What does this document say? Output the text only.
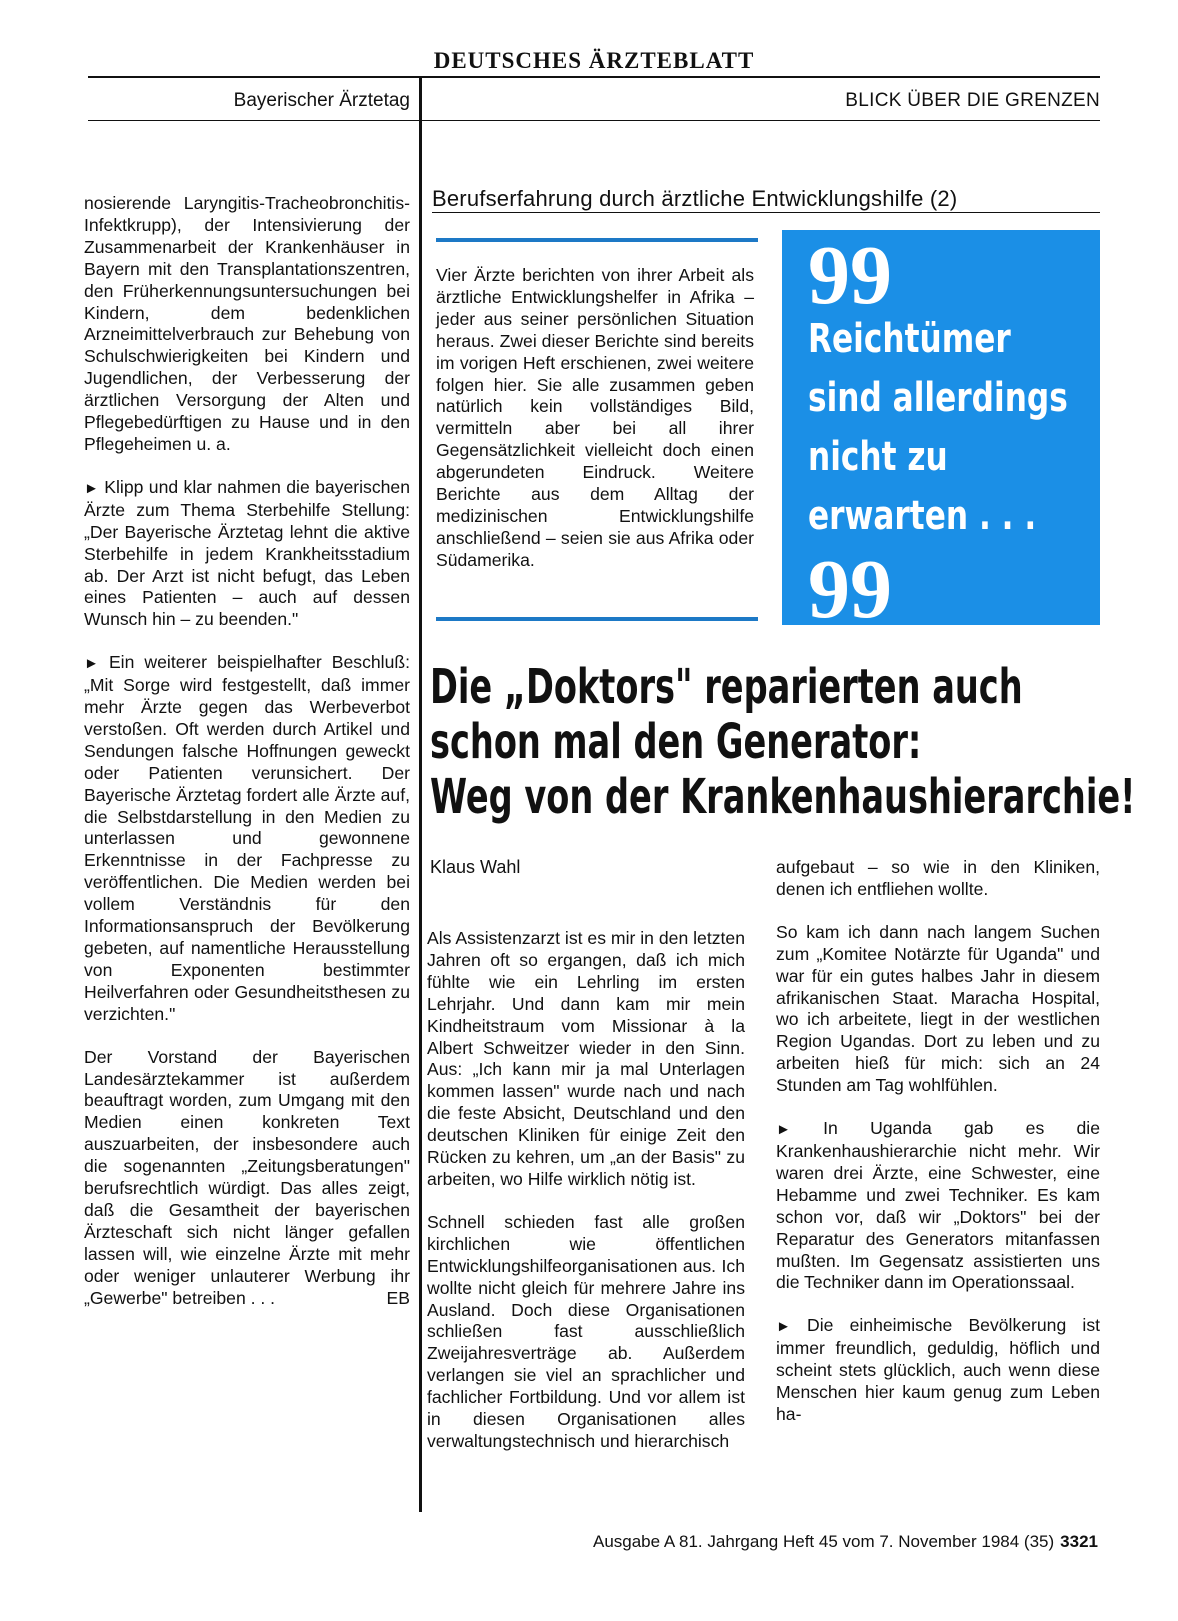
DEUTSCHES ÄRZTEBLATT
Bayerischer Ärztetag	BLICK ÜBER DIE GRENZEN

nosierende Laryngitis-Tracheobronchitis-Infektkrupp), der Intensivierung der Zusammenarbeit der Krankenhäuser in Bayern mit den Transplantationszentren, den Früherkennungsuntersuchungen bei Kindern, dem bedenklichen Arzneimittelverbrauch zur Behebung von Schulschwierigkeiten bei Kindern und Jugendlichen, der Verbesserung der ärztlichen Versorgung der Alten und Pflegebedürftigen zu Hause und in den Pflegeheimen u. a.

► Klipp und klar nahmen die bayerischen Ärzte zum Thema Sterbehilfe Stellung: „Der Bayerische Ärztetag lehnt die aktive Sterbehilfe in jedem Krankheitsstadium ab. Der Arzt ist nicht befugt, das Leben eines Patienten – auch auf dessen Wunsch hin – zu beenden."

► Ein weiterer beispielhafter Beschluß: „Mit Sorge wird festgestellt, daß immer mehr Ärzte gegen das Werbeverbot verstoßen. Oft werden durch Artikel und Sendungen falsche Hoffnungen geweckt oder Patienten verunsichert. Der Bayerische Ärztetag fordert alle Ärzte auf, die Selbstdarstellung in den Medien zu unterlassen und gewonnene Erkenntnisse in der Fachpresse zu veröffentlichen. Die Medien werden bei vollem Verständnis für den Informationsanspruch der Bevölkerung gebeten, auf namentliche Herausstellung von Exponenten bestimmter Heilverfahren oder Gesundheitsthesen zu verzichten."

Der Vorstand der Bayerischen Landesärztekammer ist außerdem beauftragt worden, zum Umgang mit den Medien einen konkreten Text auszuarbeiten, der insbesondere auch die sogenannten „Zeitungsberatungen" berufsrechtlich würdigt. Das alles zeigt, daß die Gesamtheit der bayerischen Ärzteschaft sich nicht länger gefallen lassen will, wie einzelne Ärzte mit mehr oder weniger unlauterer Werbung ihr „Gewerbe" betreiben . . .	EB

Berufserfahrung durch ärztliche Entwicklungshilfe (2)
Vier Ärzte berichten von ihrer Arbeit als ärztliche Entwicklungshelfer in Afrika – jeder aus seiner persönlichen Situation heraus. Zwei dieser Berichte sind bereits im vorigen Heft erschienen, zwei weitere folgen hier. Sie alle zusammen geben natürlich kein vollständiges Bild, vermitteln aber bei all ihrer Gegensätzlichkeit vielleicht doch einen abgerundeten Eindruck. Weitere Berichte aus dem Alltag der medizinischen Entwicklungshilfe anschließend – seien sie aus Afrika oder Südamerika.
99
Reichtümer
sind allerdings
nicht zu
erwarten . . .
99
Die „Doktors" reparierten auch
schon mal den Generator:
Weg von der Krankenhaushierarchie!
Klaus Wahl

Als Assistenzarzt ist es mir in den letzten Jahren oft so ergangen, daß ich mich fühlte wie ein Lehrling im ersten Lehrjahr. Und dann kam mir mein Kindheitstraum vom Missionar à la Albert Schweitzer wieder in den Sinn. Aus: „Ich kann mir ja mal Unterlagen kommen lassen" wurde nach und nach die feste Absicht, Deutschland und den deutschen Kliniken für einige Zeit den Rücken zu kehren, um „an der Basis" zu arbeiten, wo Hilfe wirklich nötig ist.

Schnell schieden fast alle großen kirchlichen wie öffentlichen Entwicklungshilfeorganisationen aus. Ich wollte nicht gleich für mehrere Jahre ins Ausland. Doch diese Organisationen schließen fast ausschließlich Zweijahresverträge ab. Außerdem verlangen sie viel an sprachlicher und fachlicher Fortbildung. Und vor allem ist in diesen Organisationen alles verwaltungstechnisch und hierarchisch

aufgebaut – so wie in den Kliniken, denen ich entfliehen wollte.

So kam ich dann nach langem Suchen zum „Komitee Notärzte für Uganda" und war für ein gutes halbes Jahr in diesem afrikanischen Staat. Maracha Hospital, wo ich arbeitete, liegt in der westlichen Region Ugandas. Dort zu leben und zu arbeiten hieß für mich: sich an 24 Stunden am Tag wohlfühlen.

► In Uganda gab es die Krankenhaushierarchie nicht mehr. Wir waren drei Ärzte, eine Schwester, eine Hebamme und zwei Techniker. Es kam schon vor, daß wir „Doktors" bei der Reparatur des Generators mitanfassen mußten. Im Gegensatz assistierten uns die Techniker dann im Operationssaal.

► Die einheimische Bevölkerung ist immer freundlich, geduldig, höflich und scheint stets glücklich, auch wenn diese Menschen hier kaum genug zum Leben ha-

Ausgabe A 81. Jahrgang Heft 45 vom 7. November 1984 (35) 3321
